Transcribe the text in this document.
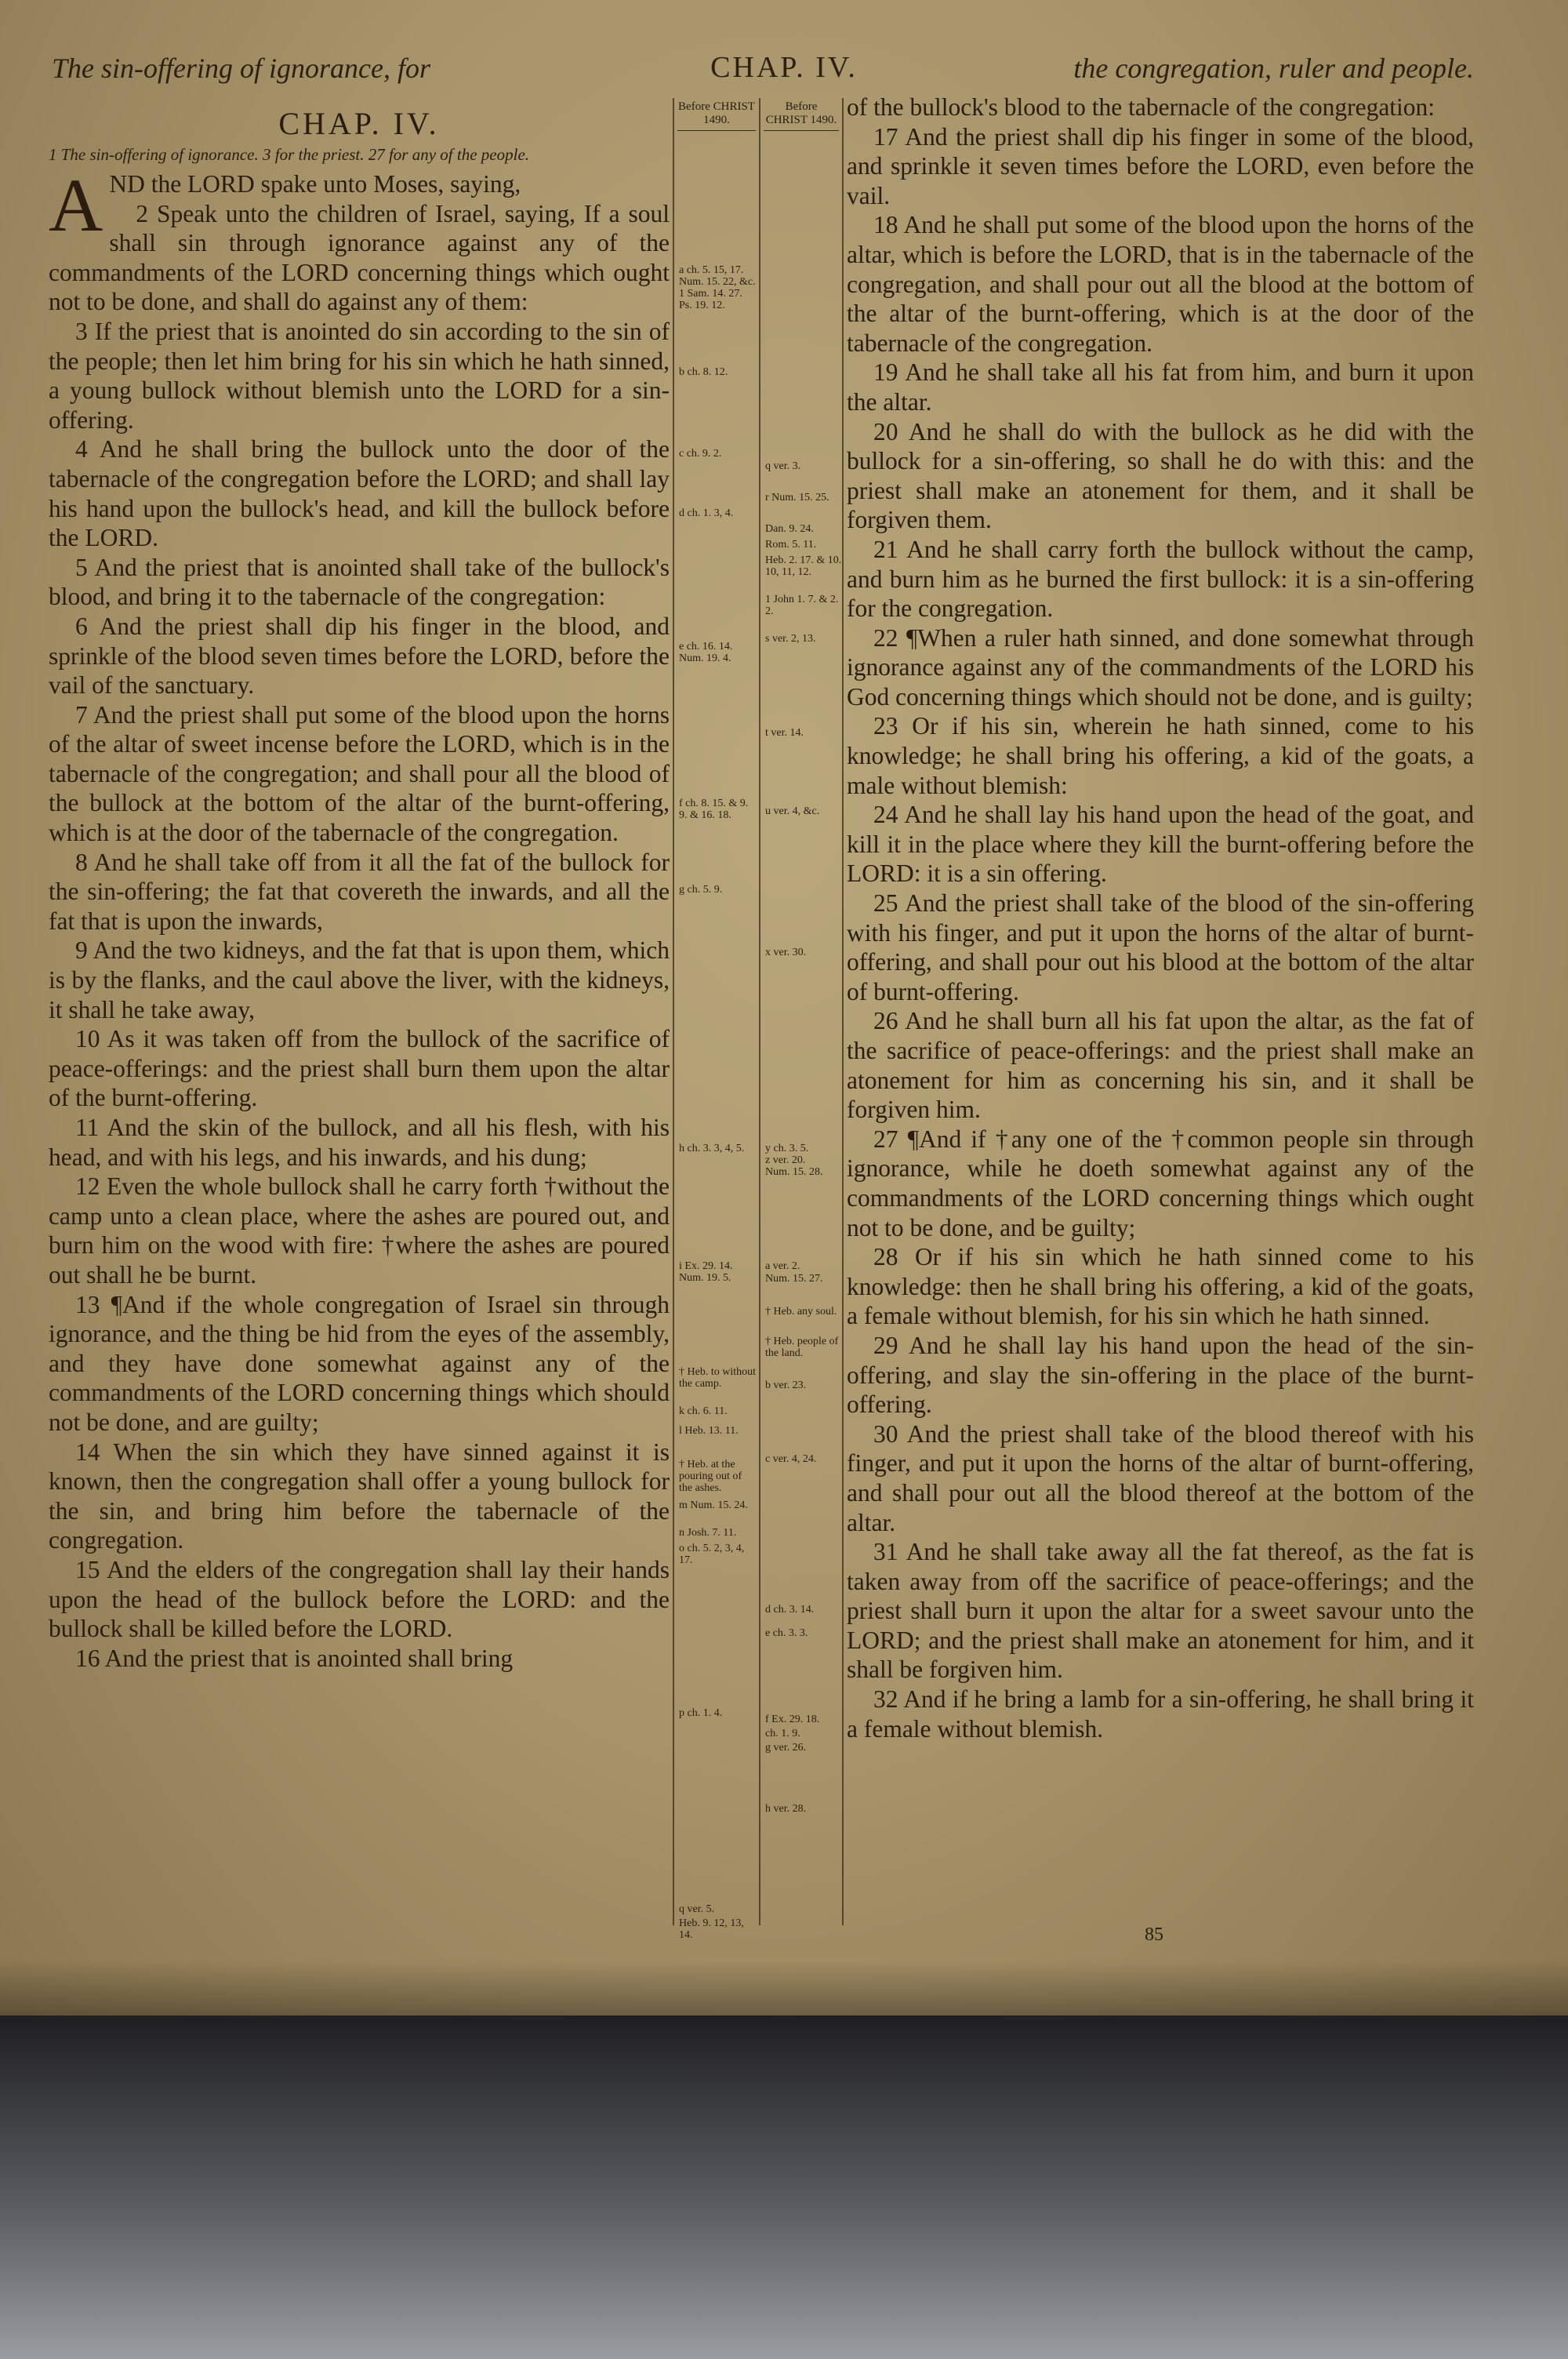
The sin-offering of ignorance, for	CHAP. IV.	the congregation, ruler and people.
CHAP. IV.
1 The sin-offering of ignorance. 3 for the priest. 27 for any of the people.
A ND the LORD spake unto Moses, saying,

2 Speak unto the children of Israel, saying, If a soul shall sin through ignorance against any of the commandments of the LORD concerning things which ought not to be done, and shall do against any of them:

3 If the priest that is anointed do sin according to the sin of the people; then let him bring for his sin which he hath sinned, a young bullock without blemish unto the LORD for a sin-offering.

4 And he shall bring the bullock unto the door of the tabernacle of the congregation before the LORD; and shall lay his hand upon the bullock's head, and kill the bullock before the LORD.

5 And the priest that is anointed shall take of the bullock's blood, and bring it to the tabernacle of the congregation:

6 And the priest shall dip his finger in the blood, and sprinkle of the blood seven times before the LORD, before the vail of the sanctuary.

7 And the priest shall put some of the blood upon the horns of the altar of sweet incense before the LORD, which is in the tabernacle of the congregation; and shall pour all the blood of the bullock at the bottom of the altar of the burnt-offering, which is at the door of the tabernacle of the congregation.

8 And he shall take off from it all the fat of the bullock for the sin-offering; the fat that covereth the inwards, and all the fat that is upon the inwards,

9 And the two kidneys, and the fat that is upon them, which is by the flanks, and the caul above the liver, with the kidneys, it shall he take away,

10 As it was taken off from the bullock of the sacrifice of peace-offerings: and the priest shall burn them upon the altar of the burnt-offering.

11 And the skin of the bullock, and all his flesh, with his head, and with his legs, and his inwards, and his dung;

12 Even the whole bullock shall he carry forth †without the camp unto a clean place, where the ashes are poured out, and burn him on the wood with fire: †where the ashes are poured out shall he be burnt.

13 ¶And if the whole congregation of Israel sin through ignorance, and the thing be hid from the eyes of the assembly, and they have done somewhat against any of the commandments of the LORD concerning things which should not be done, and are guilty;

14 When the sin which they have sinned against it is known, then the congregation shall offer a young bullock for the sin, and bring him before the tabernacle of the congregation.

15 And the elders of the congregation shall lay their hands upon the head of the bullock before the LORD: and the bullock shall be killed before the LORD.

16 And the priest that is anointed shall bring

Before CHRIST 1490.
a ch. 5. 15, 17. Num. 15. 22, &c. 1 Sam. 14. 27. Ps. 19. 12.
b ch. 8. 12.
c ch. 9. 2.
d ch. 1. 3, 4.
e ch. 16. 14. Num. 19. 4.
f ch. 8. 15. & 9. 9. & 16. 18.
g ch. 5. 9.
h ch. 3. 3, 4, 5.
i Ex. 29. 14. Num. 19. 5.
† Heb. to without the camp.
k ch. 6. 11.
l Heb. 13. 11.
† Heb. at the pouring out of the ashes.
m Num. 15. 24.
n Josh. 7. 11.
o ch. 5. 2, 3, 4, 17.
p ch. 1. 4.
q ver. 5.
Heb. 9. 12, 13, 14.
Before CHRIST 1490.
q ver. 3.
r Num. 15. 25.
Dan. 9. 24.
Rom. 5. 11.
Heb. 2. 17. & 10. 10, 11, 12.
1 John 1. 7. & 2. 2.
s ver. 2, 13.
t ver. 14.
u ver. 4, &c.
x ver. 30.
y ch. 3. 5.
z ver. 20.
Num. 15. 28.
a ver. 2.
Num. 15. 27.
† Heb. any soul.
† Heb. people of the land.
b ver. 23.
c ver. 4, 24.
d ch. 3. 14.
e ch. 3. 3.
f Ex. 29. 18.
ch. 1. 9.
g ver. 26.
h ver. 28.

of the bullock's blood to the tabernacle of the congregation:

17 And the priest shall dip his finger in some of the blood, and sprinkle it seven times before the LORD, even before the vail.

18 And he shall put some of the blood upon the horns of the altar, which is before the LORD, that is in the tabernacle of the congregation, and shall pour out all the blood at the bottom of the altar of the burnt-offering, which is at the door of the tabernacle of the congregation.

19 And he shall take all his fat from him, and burn it upon the altar.

20 And he shall do with the bullock as he did with the bullock for a sin-offering, so shall he do with this: and the priest shall make an atonement for them, and it shall be forgiven them.

21 And he shall carry forth the bullock without the camp, and burn him as he burned the first bullock: it is a sin-offering for the congregation.

22 ¶When a ruler hath sinned, and done somewhat through ignorance against any of the commandments of the LORD his God concerning things which should not be done, and is guilty;

23 Or if his sin, wherein he hath sinned, come to his knowledge; he shall bring his offering, a kid of the goats, a male without blemish:

24 And he shall lay his hand upon the head of the goat, and kill it in the place where they kill the burnt-offering before the LORD: it is a sin offering.

25 And the priest shall take of the blood of the sin-offering with his finger, and put it upon the horns of the altar of burnt-offering, and shall pour out his blood at the bottom of the altar of burnt-offering.

26 And he shall burn all his fat upon the altar, as the fat of the sacrifice of peace-offerings: and the priest shall make an atonement for him as concerning his sin, and it shall be forgiven him.

27 ¶And if †any one of the †common people sin through ignorance, while he doeth somewhat against any of the commandments of the LORD concerning things which ought not to be done, and be guilty;

28 Or if his sin which he hath sinned come to his knowledge: then he shall bring his offering, a kid of the goats, a female without blemish, for his sin which he hath sinned.

29 And he shall lay his hand upon the head of the sin-offering, and slay the sin-offering in the place of the burnt-offering.

30 And the priest shall take of the blood thereof with his finger, and put it upon the horns of the altar of burnt-offering, and shall pour out all the blood thereof at the bottom of the altar.

31 And he shall take away all the fat thereof, as the fat is taken away from off the sacrifice of peace-offerings; and the priest shall burn it upon the altar for a sweet savour unto the LORD; and the priest shall make an atonement for him, and it shall be forgiven him.

32 And if he bring a lamb for a sin-offering, he shall bring it a female without blemish.

85
